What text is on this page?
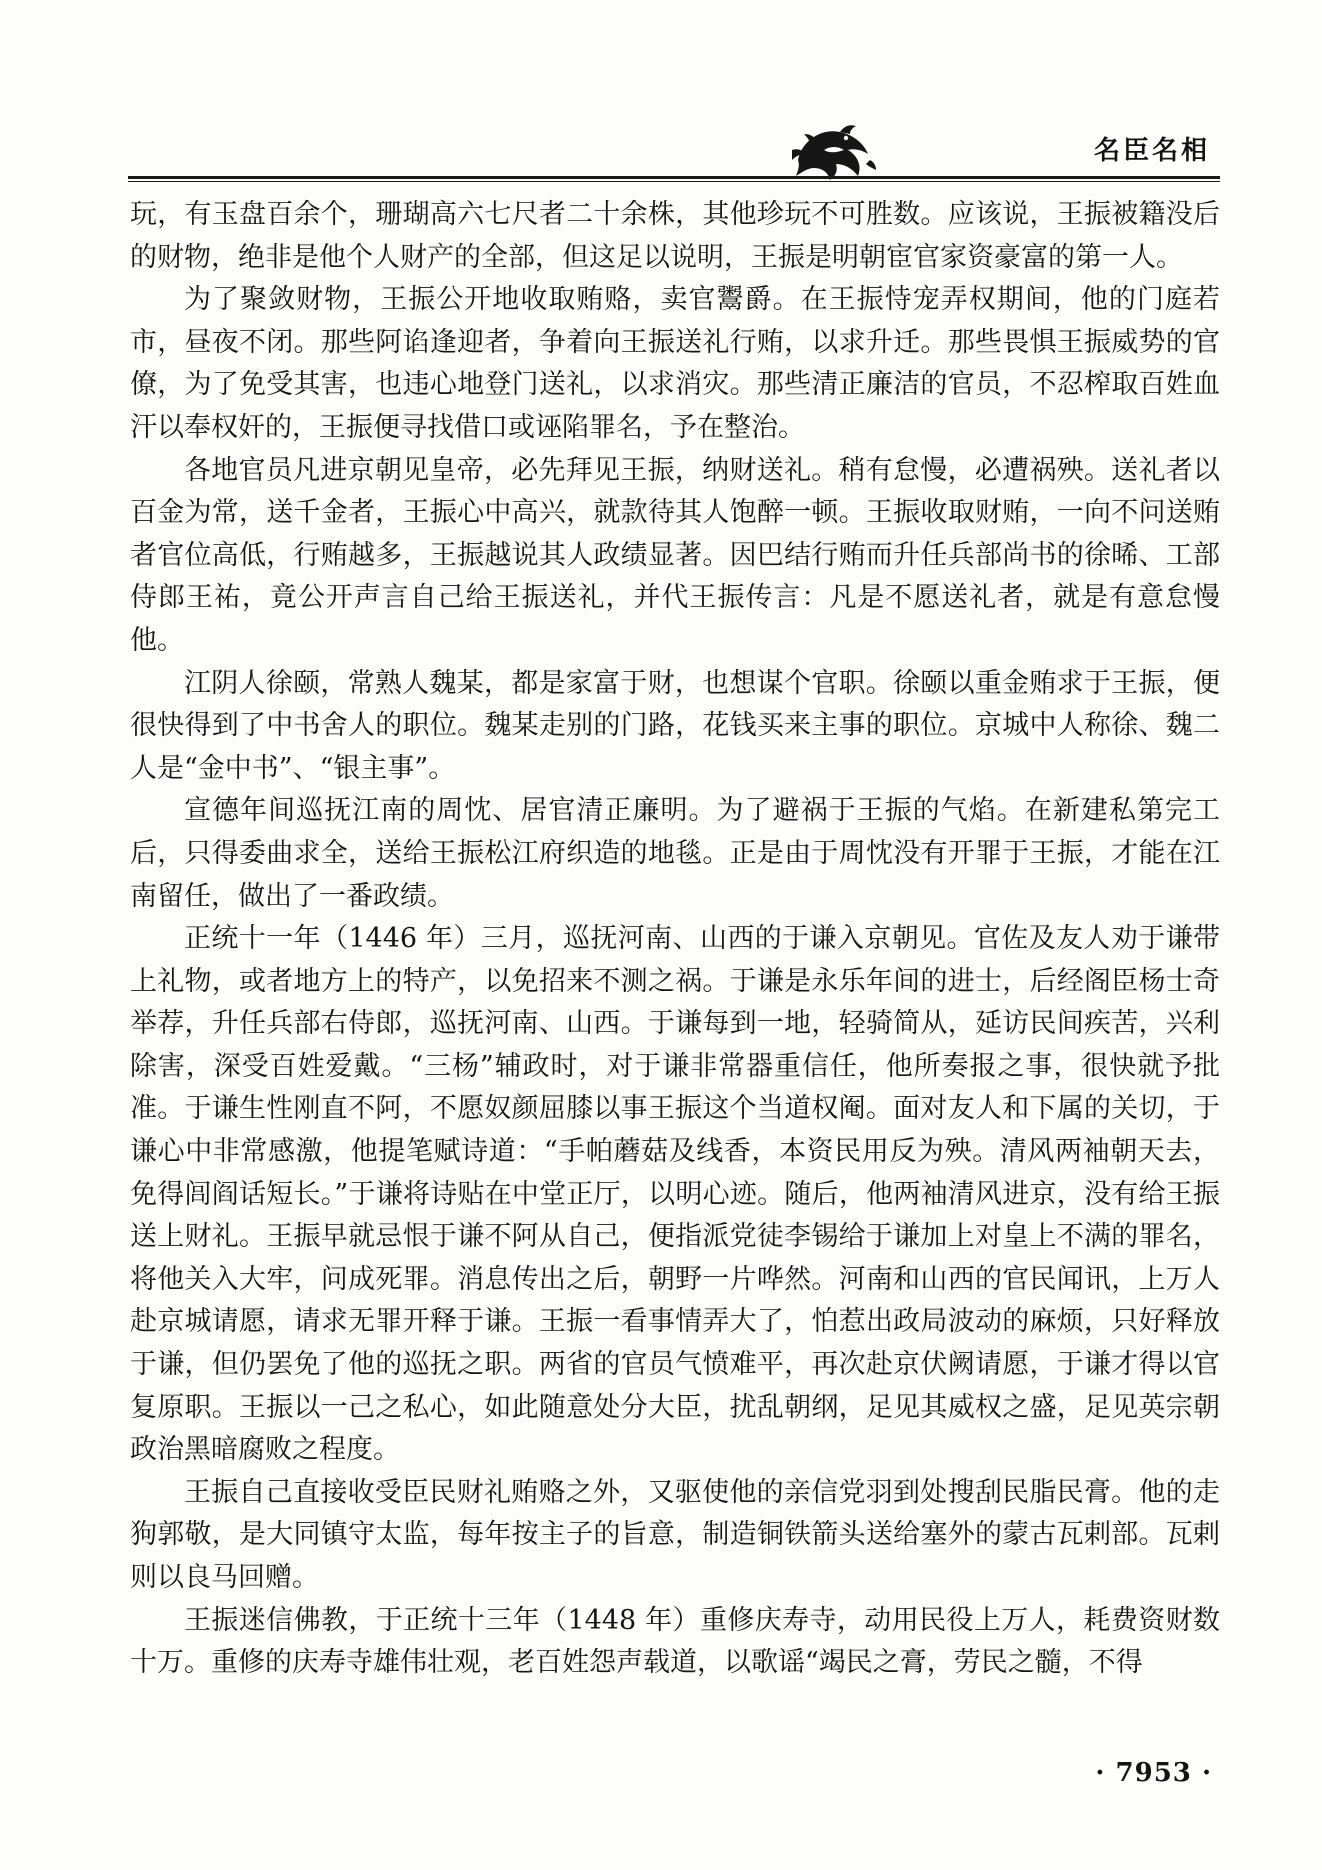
名臣名相

玩，有玉盘百余个，珊瑚高六七尺者二十余株，其他珍玩不可胜数。应该说，王振被籍没后的财物，绝非是他个人财产的全部，但这足以说明，王振是明朝宦官家资豪富的第一人。

为了聚敛财物，王振公开地收取贿赂，卖官鬻爵。在王振恃宠弄权期间，他的门庭若市，昼夜不闭。那些阿谄逢迎者，争着向王振送礼行贿，以求升迁。那些畏惧王振威势的官僚，为了免受其害，也违心地登门送礼，以求消灾。那些清正廉洁的官员，不忍榨取百姓血汗以奉权奸的，王振便寻找借口或诬陷罪名，予在整治。

各地官员凡进京朝见皇帝，必先拜见王振，纳财送礼。稍有怠慢，必遭祸殃。送礼者以百金为常，送千金者，王振心中高兴，就款待其人饱醉一顿。王振收取财贿，一向不问送贿者官位高低，行贿越多，王振越说其人政绩显著。因巴结行贿而升任兵部尚书的徐晞、工部侍郎王祐，竟公开声言自己给王振送礼，并代王振传言：凡是不愿送礼者，就是有意怠慢他。

江阴人徐颐，常熟人魏某，都是家富于财，也想谋个官职。徐颐以重金贿求于王振，便很快得到了中书舍人的职位。魏某走别的门路，花钱买来主事的职位。京城中人称徐、魏二人是“金中书”、“银主事”。

宣德年间巡抚江南的周忱、居官清正廉明。为了避祸于王振的气焰。在新建私第完工后，只得委曲求全，送给王振松江府织造的地毯。正是由于周忱没有开罪于王振，才能在江南留任，做出了一番政绩。

正统十一年（1446 年）三月，巡抚河南、山西的于谦入京朝见。官佐及友人劝于谦带上礼物，或者地方上的特产，以免招来不测之祸。于谦是永乐年间的进士，后经阁臣杨士奇举荐，升任兵部右侍郎，巡抚河南、山西。于谦每到一地，轻骑简从，延访民间疾苦，兴利除害，深受百姓爱戴。“三杨”辅政时，对于谦非常器重信任，他所奏报之事，很快就予批准。于谦生性刚直不阿，不愿奴颜屈膝以事王振这个当道权阉。面对友人和下属的关切，于谦心中非常感激，他提笔赋诗道：“手帕蘑菇及线香，本资民用反为殃。清风两袖朝天去，免得闾阎话短长。”于谦将诗贴在中堂正厅，以明心迹。随后，他两袖清风进京，没有给王振送上财礼。王振早就忌恨于谦不阿从自己，便指派党徒李锡给于谦加上对皇上不满的罪名，将他关入大牢，问成死罪。消息传出之后，朝野一片哗然。河南和山西的官民闻讯，上万人赴京城请愿，请求无罪开释于谦。王振一看事情弄大了，怕惹出政局波动的麻烦，只好释放于谦，但仍罢免了他的巡抚之职。两省的官员气愤难平，再次赴京伏阙请愿，于谦才得以官复原职。王振以一己之私心，如此随意处分大臣，扰乱朝纲，足见其威权之盛，足见英宗朝政治黑暗腐败之程度。

王振自己直接收受臣民财礼贿赂之外，又驱使他的亲信党羽到处搜刮民脂民膏。他的走狗郭敬，是大同镇守太监，每年按主子的旨意，制造铜铁箭头送给塞外的蒙古瓦剌部。瓦剌则以良马回赠。

王振迷信佛教，于正统十三年（1448 年）重修庆寿寺，动用民役上万人，耗费资财数十万。重修的庆寿寺雄伟壮观，老百姓怨声载道，以歌谣“竭民之膏，劳民之髓，不得

· 7953 ·
